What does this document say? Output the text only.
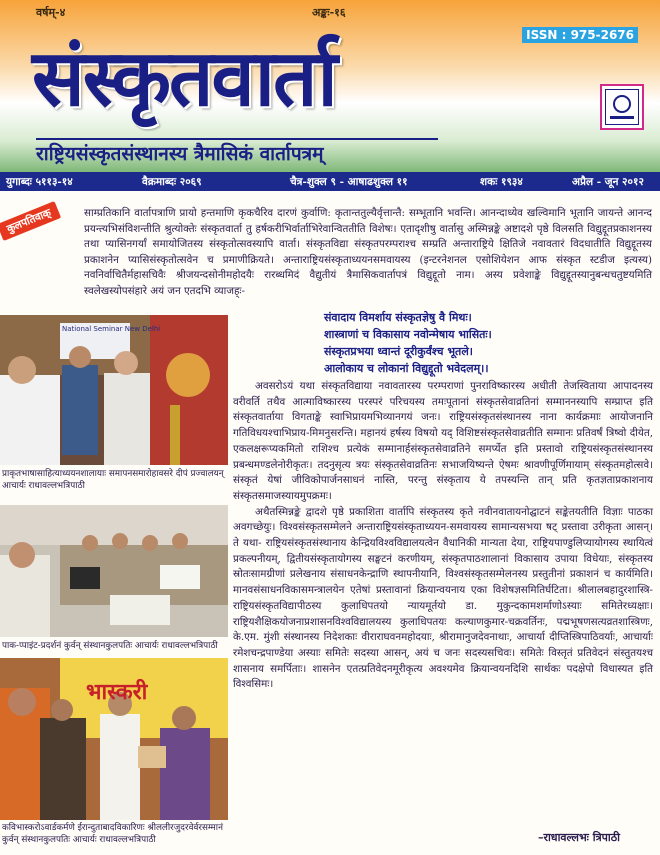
वर्षम्-४	अङ्कः-१६
ISSN : 975-2676
संस्कृतवार्ता
राष्ट्रियसंस्कृतसंस्थानस्य त्रैमासिकं वार्तापत्रम्
युगाब्दः ५११३-१४	वैक्रमाब्दः २०६९	चैत्र-शुक्ल ९ - आषाढशुक्ल ११	शकः १९३४	अप्रैल - जून २०१२
कुलपतिवाक्	साम्प्रतिकानि वार्तापत्राणि प्रायो हन्तमाणि कृकचैरिव दारणं कुर्वाणि: कृतान्ततुल्यैर्वृत्तान्तै: सम्भूतानि भवन्ति। आनन्दाध्येव खल्विमानि भूतानि जायन्ते आनन्द प्रयन्त्यभिसंविशन्तीति श्रुत्योक्तेः संस्कृतवार्ता तु हर्षकरीभिर्वार्ताभिरेवान्विततीति विशेषः। एतादृशीषु वार्तासु अस्मिन्नङ्के अष्टादशे पृष्ठे विलसति विद्युद्दूतप्रकाशनस्य तथा प्यासिनगर्यां समायोजितस्य संस्कृतोत्सवस्यापि वार्ता। संस्कृतविद्या संस्कृतपरम्पराश्च सम्प्रति अन्ताराष्ट्रिये क्षितिजे नवावतारं विदधातीति विद्युद्दूतस्य प्रकाशनेन प्यासिसंस्कृतोत्सवेन च प्रमाणीक्रियते। अन्ताराष्ट्रियसंस्कृताध्ययनसमवायस्य (इन्टरनेशनल एसोशियेशन आफ संस्कृत स्टडीज इत्यस्य) नवनिर्वाचितैर्महासचिवैः श्रीजयन्दसोनीमहोदयैः रारब्धमिदं वैद्युतीयं त्रैमासिकवार्तापत्रं विद्युद्दूतो नाम। अस्य प्रवेशाङ्के विद्युद्दूतस्यानुबन्धचतुष्टयमिति स्वलेखस्योपसंहारे अयं जन एतदभि व्याजह्ः-

संवादाय विमर्शाय संस्कृतज्ञेषु वै मिथः।
शास्त्राणां च विकासाय नवोन्मेषाय भासितः।
संस्कृतप्रभया ध्वान्तं दूरीकुर्वंश्च भूतले।
आलोकाय च लोकानां विद्युद्दूतो भवेदलम्।।
National Seminar New Delhi
प्राकृतभाषासाहित्याध्ययनशालायाः समापनसमारोहावसरे दीपं प्रज्वालयन् आचार्यः राधावल्लभत्रिपाठी
पाक-प्पाइंट-प्रदर्शनं कुर्वन् संस्थानकुलपतिः आचार्यः राधावल्लभत्रिपाठी
भास्करी
कविभास्करोऽवार्डकर्मणे ईरान्दुताबादविकारिणः श्रीललीरजुदरवेर्वरसम्मानं कुर्वन् संस्थानकुलपतिः आचार्यः राधावल्लभत्रिपाठी

अवसरोऽयं यथा संस्कृतविद्याया नवावतारस्य परम्पराणां पुनराविष्कारस्य अधीती तेजस्विताया आपादनस्य वरीवर्ति तथैव आत्माविष्कारस्य परस्परं परिचयस्य तमःपूतानां संस्कृतसेवाव्रतिनां सम्माननस्यापि सम्प्राप्त इति संस्कृतवार्ताया विगताङ्के स्वाभिप्रायमभिव्यानगयं जनः। राष्ट्रियसंस्कृतसंस्थानस्य नाना कार्यक्रमाः आयोजनानि गतिविधयश्चाभिप्राय-मिमनुसरन्ति। महानयं हर्षस्य विषयो यद् विशिष्टसंस्कृतसेवाव्रतीति सम्मानः प्रतिवर्षं त्रिष्वो दीयेत, एकलक्षरूप्यकमितो राशिश्च प्रत्येकं सम्मानार्हसंस्कृतसेवाव्रतिने समर्प्येत इति प्रस्तावो राष्ट्रियसंस्कृतसंस्थानस्य प्रबन्धमण्डलेनोरीकृतः। तदनुसृत्य त्रयः संस्कृतसेवाव्रतिनः सभाजयिष्यन्ते ऐषमः श्रावणीपूर्णिमायाम् संस्कृतमहोत्सवे। संस्कृतं येषां जीविकोपार्जनसाधनं नास्ति, परन्तु संस्कृताय ये तपस्यन्ति तान् प्रति कृतज्ञताप्रकाशनाय संस्कृतसमाजस्यायमुपक्रमः।

अथैतस्मिन्नङ्के द्वादशे पृष्ठे प्रकाशिता वार्तापि संस्कृतस्य कृते नवीनवातायनोद्घाटनं सङ्केतयतीति विज्ञाः पाठका अवगच्छेयुः। विश्वसंस्कृतसम्मेलने अन्ताराष्ट्रियसंस्कृताध्ययन-समवायस्य सामान्यसभया षट् प्रस्तावा उरीकृता आसन्। ते यथा- राष्ट्रियसंस्कृतसंस्थानाय केन्द्रियविश्वविद्यालयत्वेन वैधानिकी मान्यता देया, राष्ट्रियपाण्डुलिप्यायोगस्य स्थायित्वं प्रकल्पनीयम्, द्वितीयसंस्कृतायोगस्य सङ्घटनं करणीयम्, संस्कृतपाठशालानां विकासाय उपाया विधेयाः, संस्कृतस्य स्रोतःसामग्रीणां प्रलेखनाय संसाधनकेन्द्राणि स्थापनीयानि, विश्वसंस्कृतसम्मेलनस्य प्रस्तुतीनां प्रकाशनं च कार्यमिति। मानवसंसाधनविकासमन्त्रालयेन एतेषां प्रस्तावानां क्रियान्वयनाय एका विशेषज्ञसमितिर्घटिता। श्रीलालबहादुरशास्त्रि-राष्ट्रियसंस्कृतविद्यापीठस्य कुलाधिपतयो न्यायमूर्तयो डा. मुकुन्दकामशर्माणोऽस्याः समितेरध्यक्षाः। राष्ट्रियशैक्षिकयोजनाप्रशासनविश्वविद्यालयस्य कुलाधिपतयः कल्याणकुमार-चक्रवर्तिनः, पद्मभूषणसत्यव्रतशास्त्रिणः, के.एम. मुंशी संस्थानस्य निदेशकाः वीराराघवनमहोदयाः, श्रीरामानुजदेवनाथाः, आचार्या दीप्तिस्त्रिपाठिवर्याः, आचार्याः रमेशचन्द्रपाण्डेया अस्याः समितेः सदस्या आसन्, अयं च जनः सदस्यसचिवः। समितेः विस्तृतं प्रतिवेदनं संस्तुतयश्च शासनाय समर्पिताः। शासनेन एतत्प्रतिवेदनमूरीकृत्य अवश्यमेव क्रियान्वयनदिशि सार्थकः पदक्षेपो विधास्यत इति विश्वसिमः।

–राधावल्लभः त्रिपाठी
